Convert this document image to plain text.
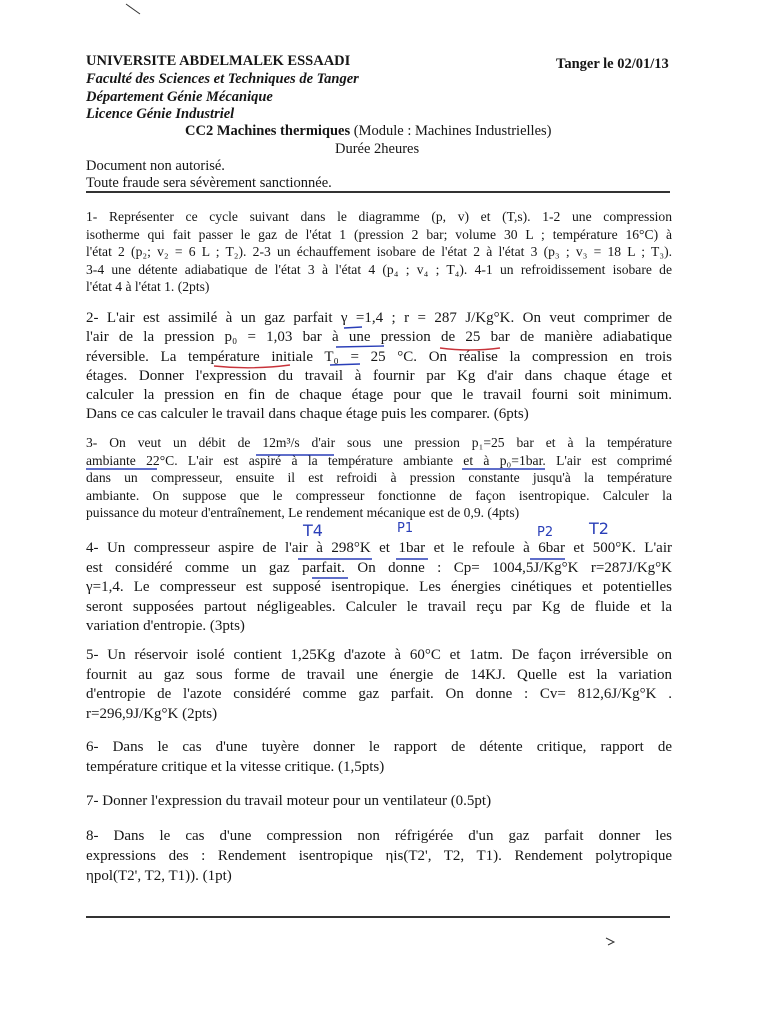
UNIVERSITE ABDELMALEK ESSAADI	Tanger le 02/01/13
Faculté des Sciences et Techniques de Tanger
Département Génie Mécanique
Licence Génie Industriel
CC2 Machines thermiques (Module : Machines Industrielles)
Durée 2heures
Document non autorisé.
Toute fraude sera sévèrement sanctionnée.
1- Représenter ce cycle suivant dans le diagramme (p, v) et (T,s). 1-2 une compression
isotherme qui fait passer le gaz de l'état 1 (pression 2 bar; volume 30 L ; température 16°C) à
l'état 2 (p₂; v₂ = 6 L ; T₂). 2-3 un échauffement isobare de l'état 2 à l'état 3 (p₃ ; v₃ = 18 L ; T₃).
3-4 une détente adiabatique de l'état 3 à l'état 4 (p₄ ; v₄ ; T₄). 4-1 un refroidissement isobare de
l'état 4 à l'état 1. (2pts)
2- L'air est assimilé à un gaz parfait γ =1,4 ; r = 287 J/Kg°K. On veut comprimer de
l'air de la pression p₀ = 1,03 bar à une pression de 25 bar de manière adiabatique
réversible. La température initiale T₀ = 25 °C. On réalise la compression en trois
étages. Donner l'expression du travail à fournir par Kg d'air dans chaque étage et
calculer la pression en fin de chaque étage pour que le travail fourni soit minimum.
Dans ce cas calculer le travail dans chaque étage puis les comparer. (6pts)
3- On veut un débit de 12m³/s d'air sous une pression p₁=25 bar et à la température
ambiante 22°C. L'air est aspiré à la température ambiante et à p₀=1bar. L'air est comprimé
dans un compresseur, ensuite il est refroidi à pression constante jusqu'à la température
ambiante. On suppose que le compresseur fonctionne de façon isentropique. Calculer la
puissance du moteur d'entraînement, Le rendement mécanique est de 0,9. (4pts)
4- Un compresseur aspire de l'air à 298°K et 1bar et le refoule à 6bar et 500°K. L'air
est considéré comme un gaz parfait. On donne : Cp= 1004,5J/Kg°K r=287J/Kg°K
γ=1,4. Le compresseur est supposé isentropique. Les énergies cinétiques et potentielles
seront supposées partout négligeables. Calculer le travail reçu par Kg de fluide et la
variation d'entropie. (3pts)
5- Un réservoir isolé contient 1,25Kg d'azote à 60°C et 1atm. De façon irréversible on
fournit au gaz sous forme de travail une énergie de 14KJ. Quelle est la variation
d'entropie de l'azote considéré comme gaz parfait. On donne : Cv= 812,6J/Kg°K .
r=296,9J/Kg°K (2pts)
6- Dans le cas d'une tuyère donner le rapport de détente critique, rapport de
température critique et la vitesse critique. (1,5pts)
7- Donner l'expression du travail moteur pour un ventilateur (0.5pt)
8- Dans le cas d'une compression non réfrigérée d'un gaz parfait donner les
expressions des : Rendement isentropique ηis(T2', T2, T1). Rendement polytropique
ηpol(T2', T2, T1)). (1pt)
T4	P1	P2 T2
